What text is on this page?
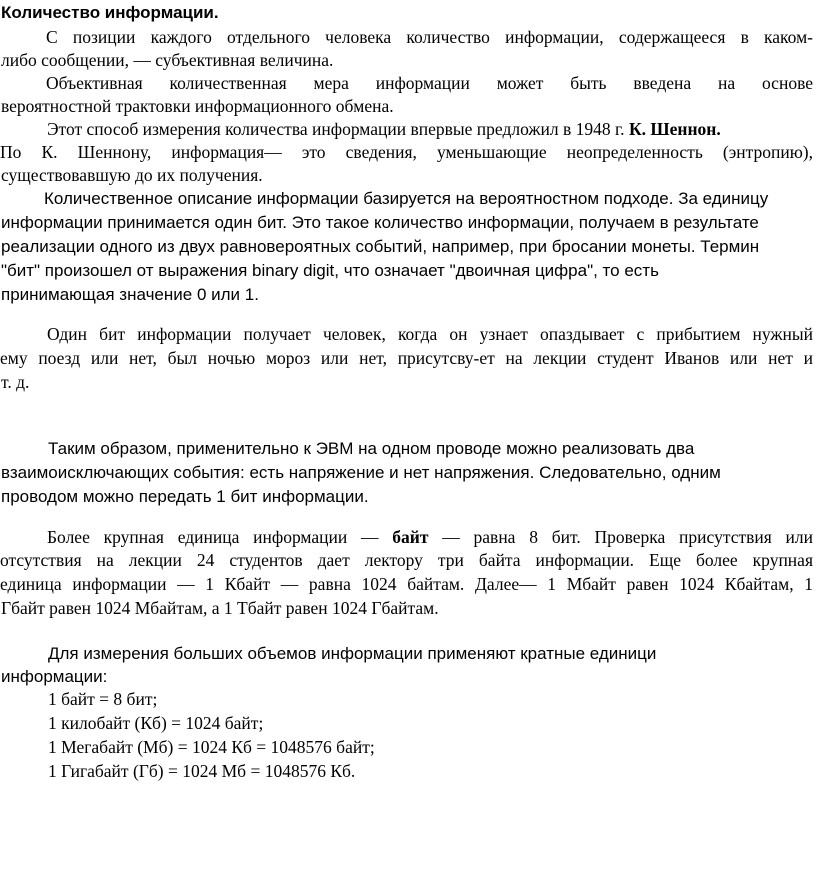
Количество информации.
С позиции каждого отдельного человека количество информации, содержащееся в каком-
либо сообщении, — субъективная величина.
Объективная количественная мера информации может быть введена на основе
вероятностной трактовки информационного обмена.
Этот способ измерения количества информации впервые предложил в 1948 г. К. Шеннон.
По К. Шеннону, информация— это сведения, уменьшающие неопределенность (энтропию),
существовавшую до их получения.
Количественное описание информации базируется на вероятностном подходе. За единицу
информации принимается один бит. Это такое количество информации, получаем в результате
реализации одного из двух равновероятных событий, например, при бросании монеты. Термин
"бит" произошел от выражения binary digit, что означает "двоичная цифра", то есть
принимающая значение 0 или 1.
Один бит информации получает человек, когда он узнает опаздывает с прибытием нужный
ему поезд или нет, был ночью мороз или нет, присутсву-ет на лекции студент Иванов или нет и
т. д.
Таким образом, применительно к ЭВМ на одном проводе можно реализовать два
взаимоисключающих события: есть напряжение и нет напряжения. Следовательно, одним
проводом можно передать 1 бит информации.
Более крупная единица информации — байт — равна 8 бит. Проверка присутствия или
отсутствия на лекции 24 студентов дает лектору три байта информации. Еще более крупная
единица информации — 1 Кбайт — равна 1024 байтам. Далее— 1 Мбайт равен 1024 Кбайтам, 1
Гбайт равен 1024 Мбайтам, а 1 Тбайт равен 1024 Гбайтам.
Для измерения больших объемов информации применяют кратные единици
информации:
1 байт = 8 бит;
1 килобайт (Кб) = 1024 байт;
1 Мегабайт (Мб) = 1024 Кб = 1048576 байт;
1 Гигабайт (Гб) = 1024 Мб = 1048576 Кб.
